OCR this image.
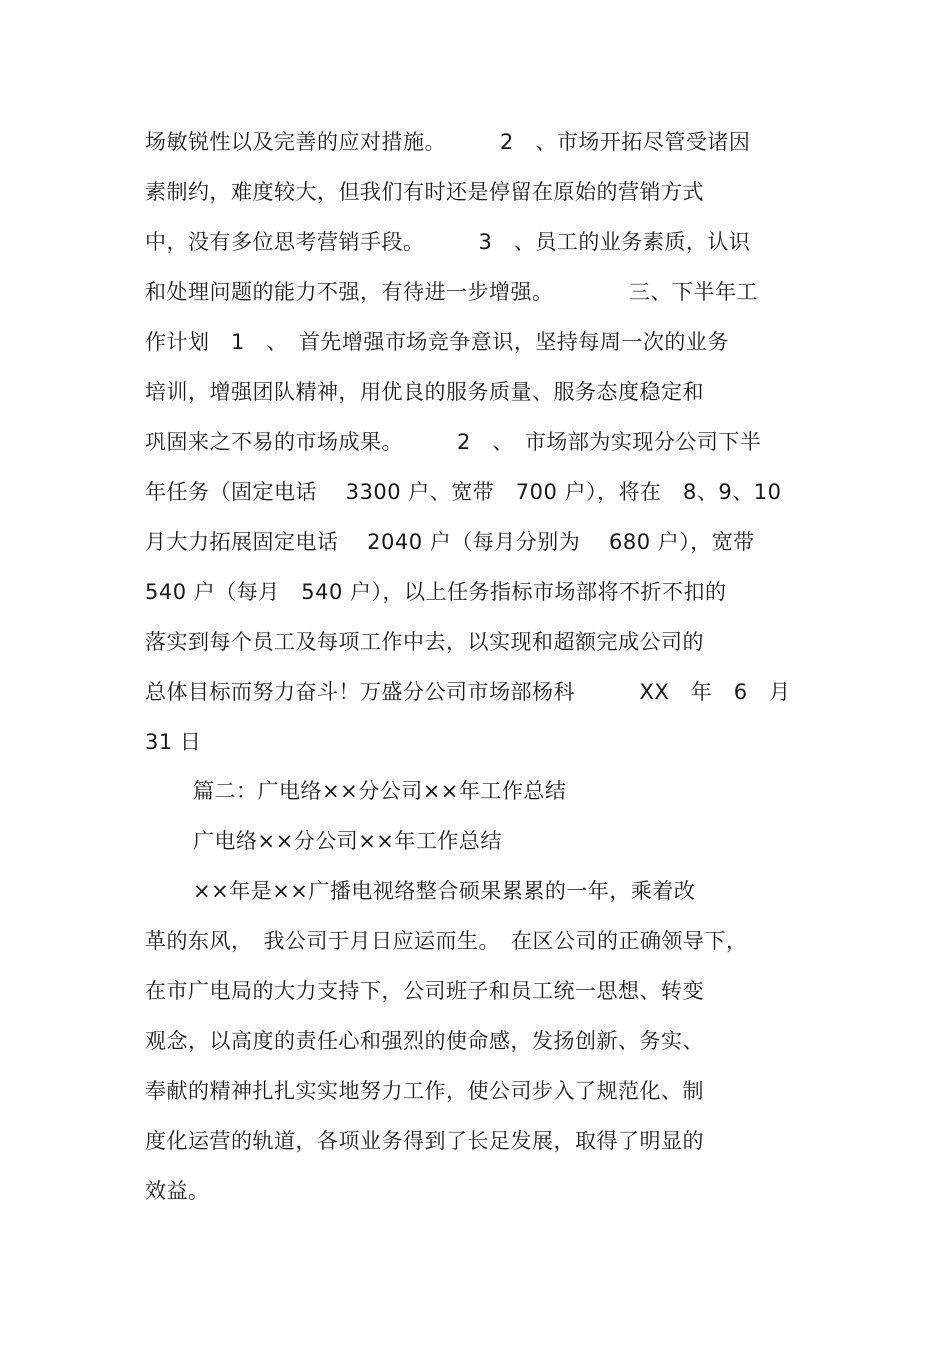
场敏锐性以及完善的应对措施。　　　2　、市场开拓尽管受诸因
素制约，难度较大，但我们有时还是停留在原始的营销方式
中，没有多位思考营销手段。　　　3　、员工的业务素质，认识
和处理问题的能力不强，有待进一步增强。　　　　三、下半年工
作计划　1　、　首先增强市场竞争意识，坚持每周一次的业务
培训，增强团队精神，用优良的服务质量、服务态度稳定和
巩固来之不易的市场成果。　　　2　、　市场部为实现分公司下半
年任务（固定电话　 3300 户、宽带　700 户），将在　8、9、10
月大力拓展固定电话　 2040 户（每月分别为　 680 户），宽带
540 户（每月　540 户），以上任务指标市场部将不折不扣的
落实到每个员工及每项工作中去，以实现和超额完成公司的
总体目标而努力奋斗！万盛分公司市场部杨科　　　XX　年　6　月
31 日
篇二：广电络××分公司××年工作总结
广电络××分公司××年工作总结
××年是××广播电视络整合硕果累累的一年，乘着改
革的东风，　我公司于月日应运而生。　在区公司的正确领导下，
在市广电局的大力支持下，公司班子和员工统一思想、转变
观念，以高度的责任心和强烈的使命感，发扬创新、务实、
奉献的精神扎扎实实地努力工作，使公司步入了规范化、制
度化运营的轨道，各项业务得到了长足发展，取得了明显的
效益。
